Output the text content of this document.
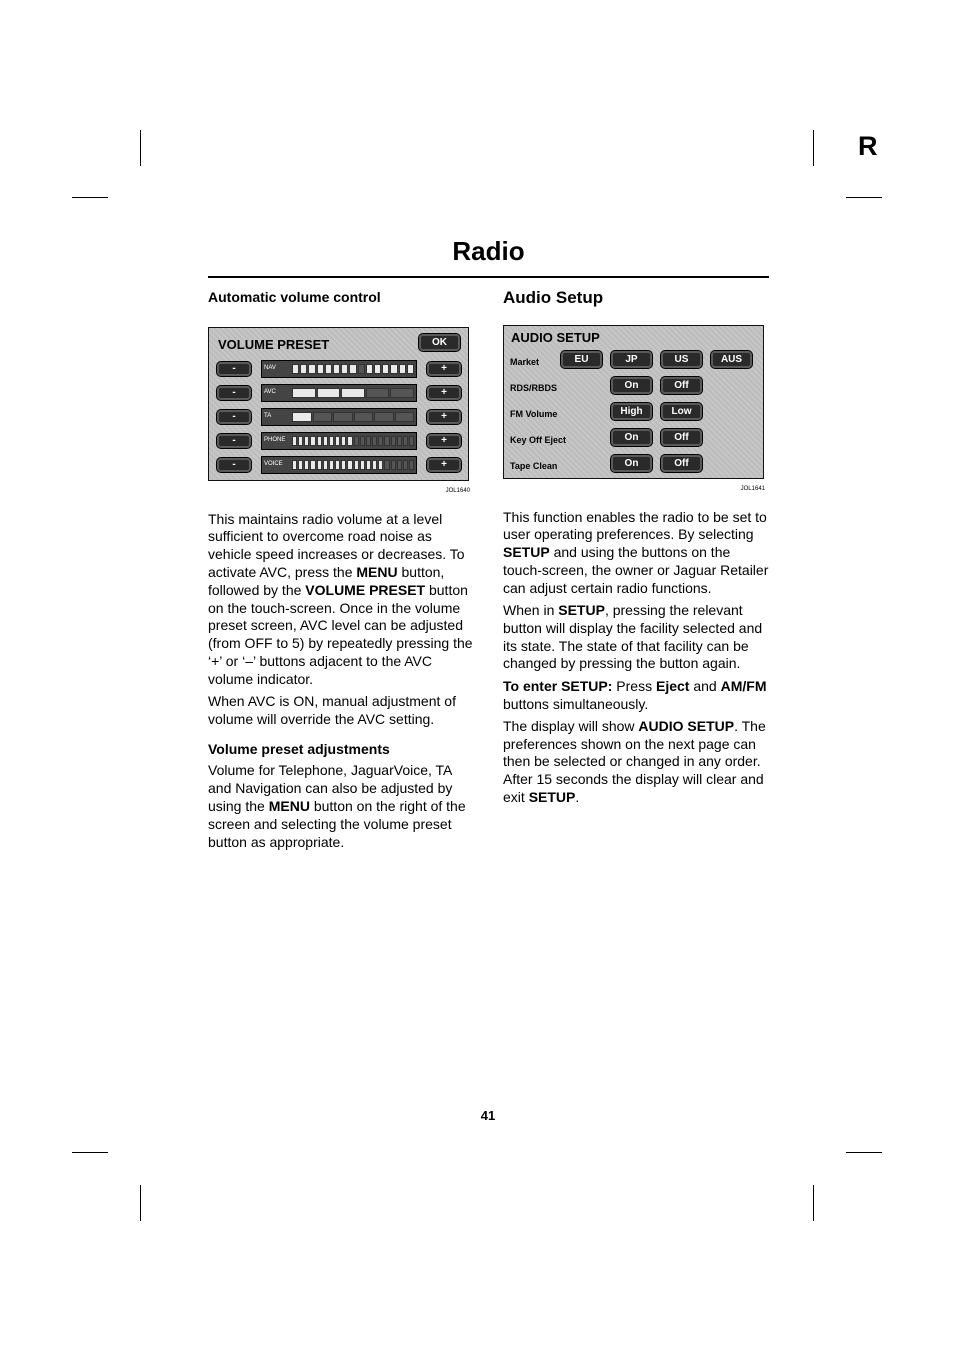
R
Radio
Automatic volume control
VOLUME PRESET	OK
-	NAV	+
-	AVC	+
-	TA	+
-	PHONE	+
-	VOICE	+
JOL1640

This maintains radio volume at a level sufficient to overcome road noise as vehicle speed increases or decreases. To activate AVC, press the MENU button, followed by the VOLUME PRESET button on the touch-screen. Once in the volume preset screen, AVC level can be adjusted (from OFF to 5) by repeatedly pressing the ‘+’ or ‘–’ buttons adjacent to the AVC volume indicator.

When AVC is ON, manual adjustment of volume will override the AVC setting.

Volume preset adjustments

Volume for Telephone, JaguarVoice, TA and Navigation can also be adjusted by using the MENU button on the right of the screen and selecting the volume preset button as appropriate.

Audio Setup
AUDIO SETUP
Market	EU	JP	US	AUS
RDS/RBDS	On	Off
FM Volume	High	Low
Key Off Eject	On	Off
Tape Clean	On	Off
JOL1641

This function enables the radio to be set to user operating preferences. By selecting SETUP and using the buttons on the touch-screen, the owner or Jaguar Retailer can adjust certain radio functions.

When in SETUP, pressing the relevant button will display the facility selected and its state. The state of that facility can be changed by pressing the button again.

To enter SETUP: Press Eject and AM/FM buttons simultaneously.

The display will show AUDIO SETUP. The preferences shown on the next page can then be selected or changed in any order. After 15 seconds the display will clear and exit SETUP.

41
